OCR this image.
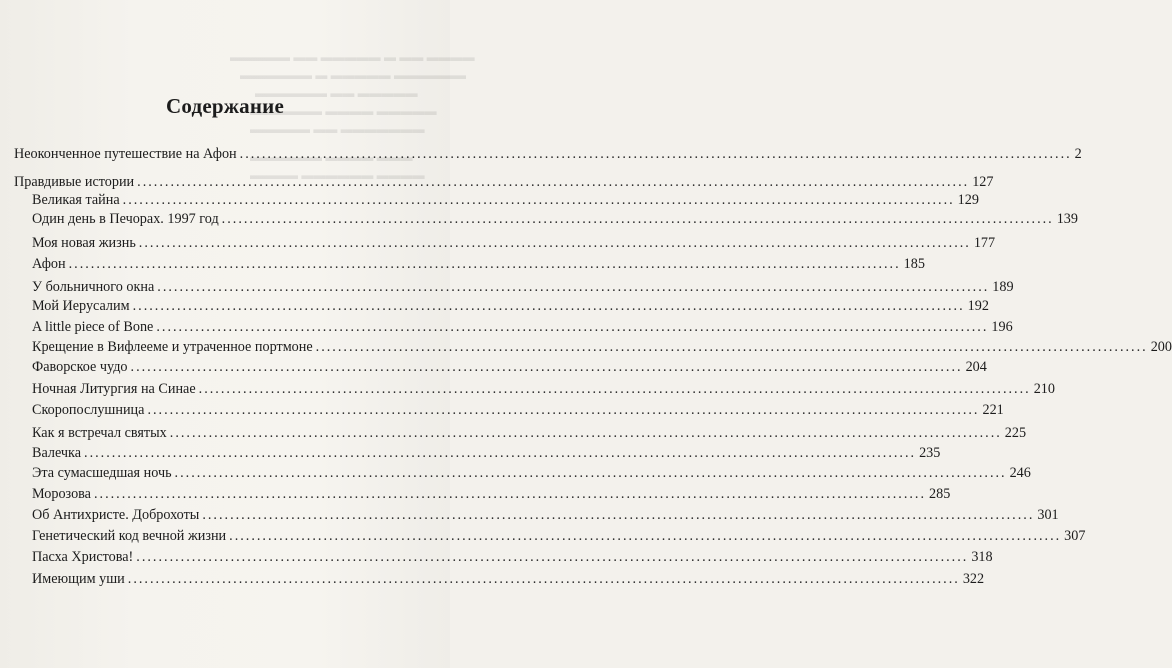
▬▬▬▬ ▬▬ ▬ ▬▬▬▬▬ ▬▬ ▬▬▬▬▬
▬▬▬▬▬▬ ▬▬▬▬▬ ▬ ▬▬▬▬▬▬
▬▬▬▬▬ ▬▬ ▬▬▬▬▬▬
▬▬▬▬▬ ▬▬▬▬ ▬▬▬▬▬▬
▬▬▬▬▬▬▬ ▬▬ ▬▬▬▬▬
▬▬▬ ▬▬▬▬ ▬▬▬▬▬▬
▬▬▬▬ ▬▬▬▬▬▬ ▬▬▬▬
Содержание
Неоконченное путешествие на Афон .....	2
Правдивые истории .....	127
Великая тайна .....	129
Один день в Печорах. 1997 год .....	139
Моя новая жизнь .....	177
Афон .....	185
У больничного окна .....	189
Мой Иерусалим .....	192
A little piece of Bone .....	196
Крещение в Вифлееме и утраченное портмоне .....	200
Фаворское чудо .....	204
Ночная Литургия на Синае .....	210
Скоропослушница .....	221
Как я встречал святых .....	225
Валечка .....	235
Эта сумасшедшая ночь .....	246
Морозова .....	285
Об Антихристе. Доброхоты .....	301
Генетический код вечной жизни .....	307
Пасха Христова! .....	318
Имеющим уши .....	322
